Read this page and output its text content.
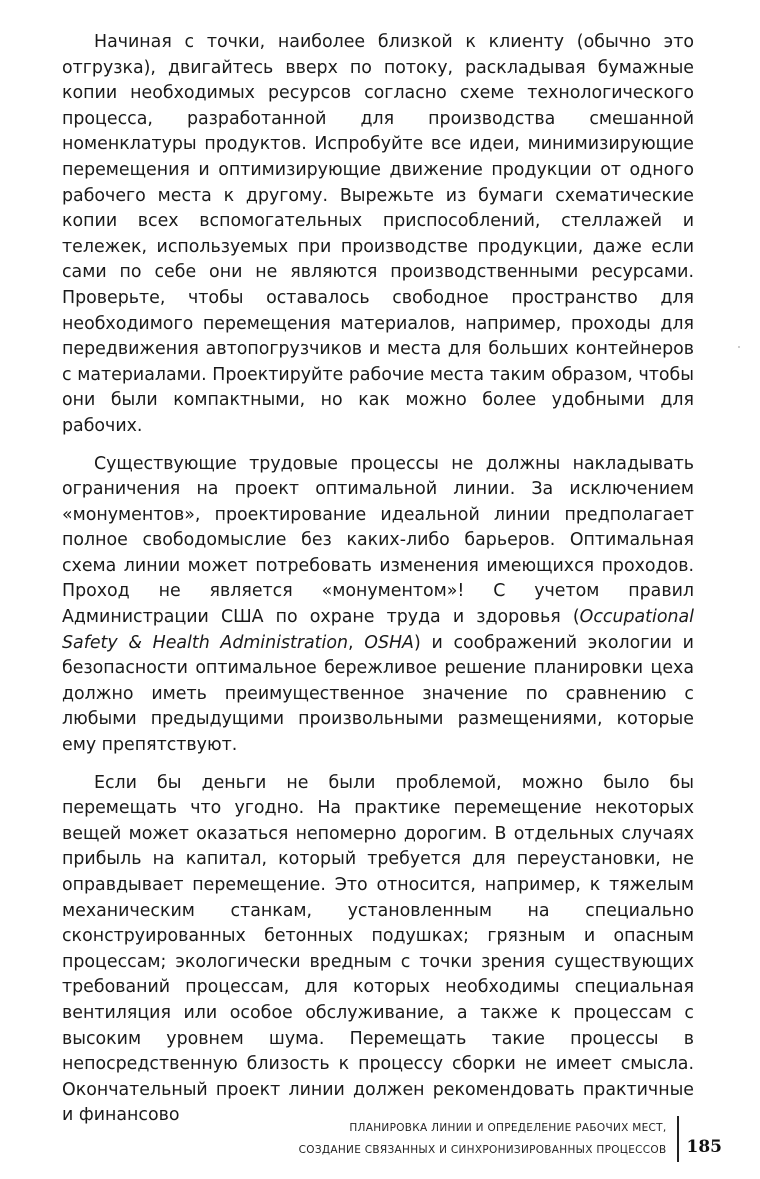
Начиная с точки, наиболее близкой к клиенту (обычно это отгрузка), двигайтесь вверх по потоку, раскладывая бумажные копии необходимых ресурсов согласно схеме технологического процесса, разработанной для производства смешанной номенклатуры продуктов. Испробуйте все идеи, минимизирующие перемещения и оптимизирующие движение продукции от одного рабочего места к другому. Вырежьте из бумаги схематические копии всех вспомогательных приспособлений, стеллажей и тележек, используемых при производстве продукции, даже если сами по себе они не являются производственными ресурсами. Проверьте, чтобы оставалось свободное пространство для необходимого перемещения материалов, например, проходы для передвижения автопогрузчиков и места для больших контейнеров с материалами. Проектируйте рабочие места таким образом, чтобы они были компактными, но как можно более удобными для рабочих.

Существующие трудовые процессы не должны накладывать ограничения на проект оптимальной линии. За исключением «монументов», проектирование идеальной линии предполагает полное свободомыслие без каких-либо барьеров. Оптимальная схема линии может потребовать изменения имеющихся проходов. Проход не является «монументом»! С учетом правил Администрации США по охране труда и здоровья (Occupational Safety & Health Administration, OSHA) и соображений экологии и безопасности оптимальное бережливое решение планировки цеха должно иметь преимущественное значение по сравнению с любыми предыдущими произвольными размещениями, которые ему препятствуют.

Если бы деньги не были проблемой, можно было бы перемещать что угодно. На практике перемещение некоторых вещей может оказаться непомерно дорогим. В отдельных случаях прибыль на капитал, который требуется для переустановки, не оправдывает перемещение. Это относится, например, к тяжелым механическим станкам, установленным на специально сконструированных бетонных подушках; грязным и опасным процессам; экологически вредным с точки зрения существующих требований процессам, для которых необходимы специальная вентиляция или особое обслуживание, а также к процессам с высоким уровнем шума. Перемещать такие процессы в непосредственную близость к процессу сборки не имеет смысла. Окончательный проект линии должен рекомендовать практичные и финансово

ПЛАНИРОВКА ЛИНИИ И ОПРЕДЕЛЕНИЕ РАБОЧИХ МЕСТ,
СОЗДАНИЕ СВЯЗАННЫХ И СИНХРОНИЗИРОВАННЫХ ПРОЦЕССОВ 185
